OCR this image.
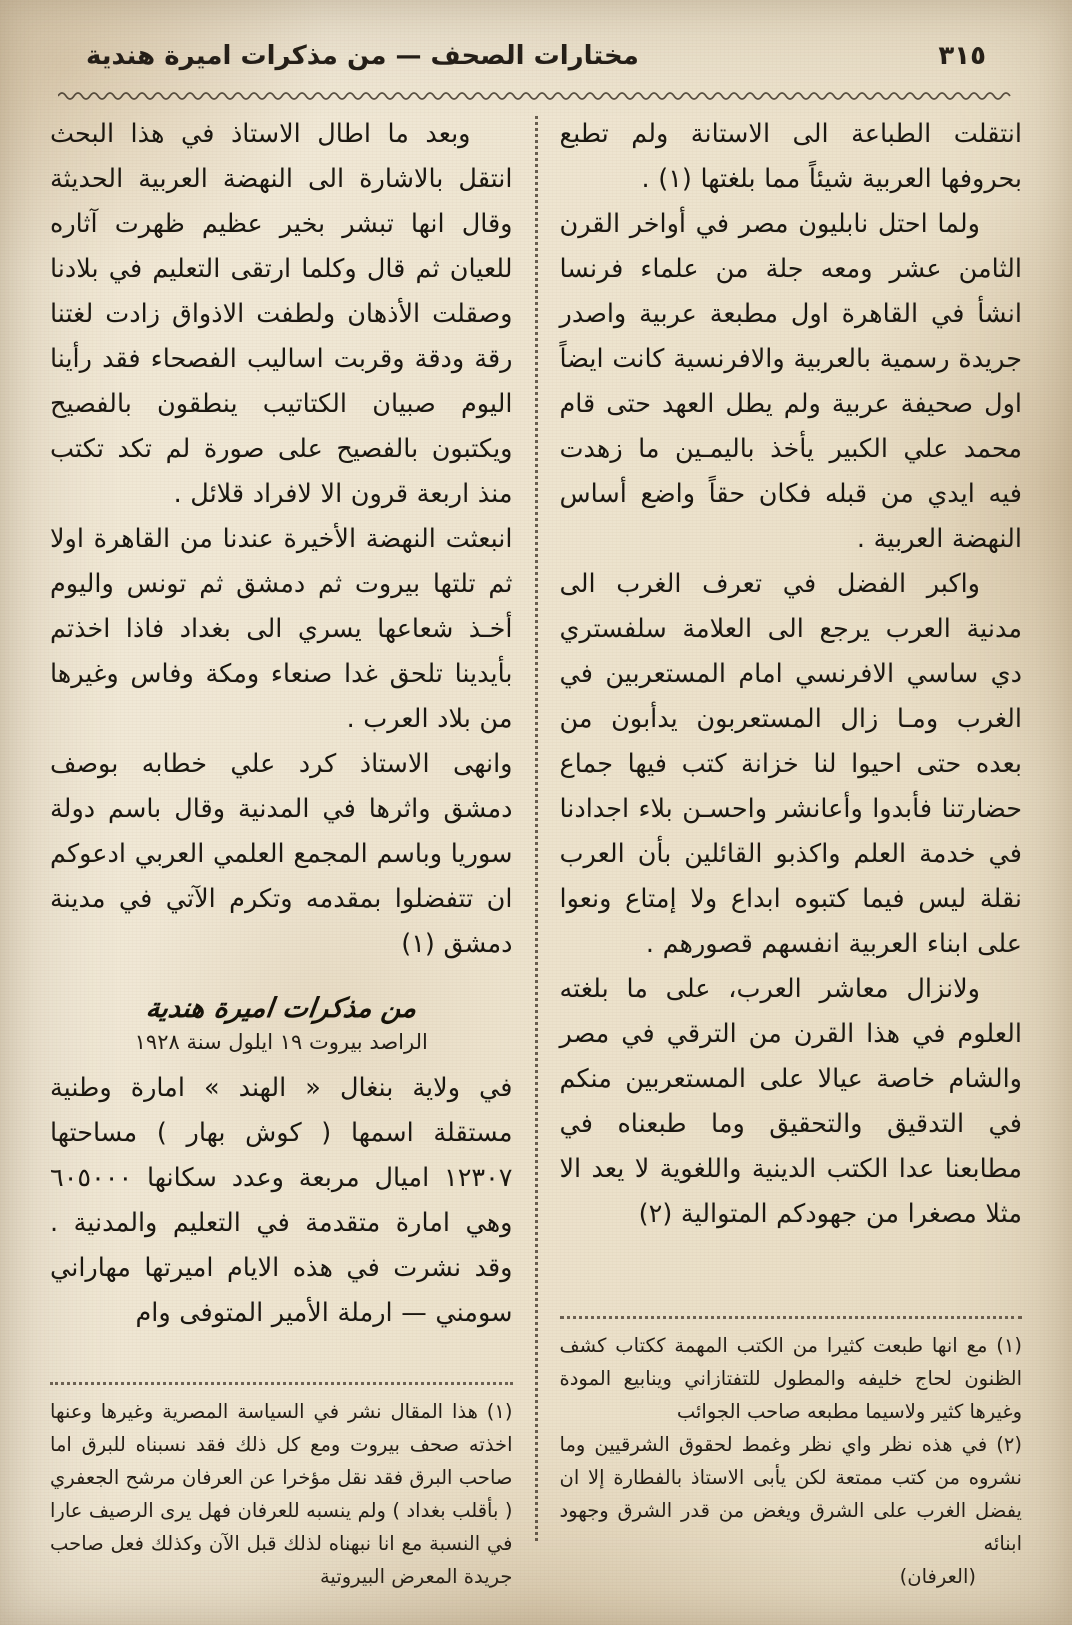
٣١٥
مختارات الصحف — من مذكرات اميرة هندية

انتقلت الطباعة الى الاستانة ولم تطبع بحروفها العربية شيئاً مما بلغتها (١) .

ولما احتل نابليون مصر في أواخر القرن الثامن عشر ومعه جلة من علماء فرنسا انشأ في القاهرة اول مطبعة عربية واصدر جريدة رسمية بالعربية والافرنسية كانت ايضاً اول صحيفة عربية ولم يطل العهد حتى قام محمد علي الكبير يأخذ باليمـين ما زهدت فيه ايدي من قبله فكان حقاً واضع أساس النهضة العربية .

واكبر الفضل في تعرف الغرب الى مدنية العرب يرجع الى العلامة سلفستري دي ساسي الافرنسي امام المستعربين في الغرب ومـا زال المستعربون يدأبون من بعده حتى احيوا لنا خزانة كتب فيها جماع حضارتنا فأبدوا وأعانشر واحسـن بلاء اجدادنا في خدمة العلم واكذبو القائلين بأن العرب نقلة ليس فيما كتبوه ابداع ولا إمتاع ونعوا على ابناء العربية انفسهم قصورهم .

ولانزال معاشر العرب، على ما بلغته العلوم في هذا القرن من الترقي في مصر والشام خاصة عيالا على المستعربين منكم في التدقيق والتحقيق وما طبعناه في مطابعنا عدا الكتب الدينية واللغوية لا يعد الا مثلا مصغرا من جهودكم المتوالية (٢)

(١) مع انها طبعت كثيرا من الكتب المهمة ككتاب كشف الظنون لحاج خليفه والمطول للتفتازاني وينابيع المودة وغيرها كثير ولاسيما مطبعه صاحب الجوائب

(٢) في هذه نظر واي نظر وغمط لحقوق الشرقيين وما نشروه من كتب ممتعة لكن يأبى الاستاذ بالفطارة إلا ان يفضل الغرب على الشرق ويغض من قدر الشرق وجهود ابنائه

(العرفان)

وبعد ما اطال الاستاذ في هذا البحث انتقل بالاشارة الى النهضة العربية الحديثة وقال انها تبشر بخير عظيم ظهرت آثاره للعيان ثم قال وكلما ارتقى التعليم في بلادنا وصقلت الأذهان ولطفت الاذواق زادت لغتنا رقة ودقة وقربت اساليب الفصحاء فقد رأينا اليوم صبيان الكتاتيب ينطقون بالفصيح ويكتبون بالفصيح على صورة لم تكد تكتب منذ اربعة قرون الا لافراد قلائل .

انبعثت النهضة الأخيرة عندنا من القاهرة اولا ثم تلتها بيروت ثم دمشق ثم تونس واليوم أخـذ شعاعها يسري الى بغداد فاذا اخذتم بأيدينا تلحق غدا صنعاء ومكة وفاس وغيرها من بلاد العرب .

وانهى الاستاذ كرد علي خطابه بوصف دمشق واثرها في المدنية وقال باسم دولة سوريا وباسم المجمع العلمي العربي ادعوكم ان تتفضلوا بمقدمه وتكرم الآتي في مدينة دمشق (١)

من مذكرات اميرة هندية
الراصد بيروت ١٩ ايلول سنة ١٩٢٨

في ولاية بنغال « الهند » امارة وطنية مستقلة اسمها ( كوش بهار ) مساحتها ١٢٣٠٧ اميال مربعة وعدد سكانها ٦٠٥٠٠٠ وهي امارة متقدمة في التعليم والمدنية . وقد نشرت في هذه الايام اميرتها مهاراني سومني — ارملة الأمير المتوفى وام

(١) هذا المقال نشر في السياسة المصرية وغيرها وعنها اخذته صحف بيروت ومع كل ذلك فقد نسبناه للبرق اما صاحب البرق فقد نقل مؤخرا عن العرفان مرشح الجعفري ( بأقلب بغداد ) ولم ينسبه للعرفان فهل يرى الرصيف عارا في النسبة مع انا نبهناه لذلك قبل الآن وكذلك فعل صاحب جريدة المعرض البيروتية
